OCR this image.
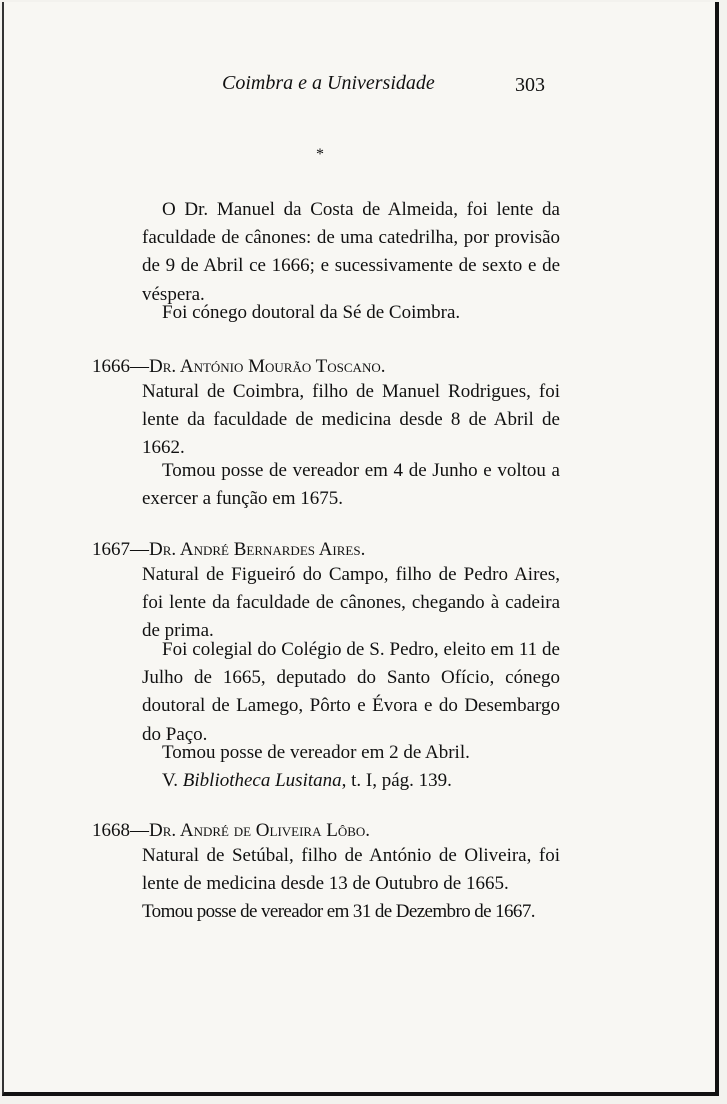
Coimbra e a Universidade	303
*
O Dr. Manuel da Costa de Almeida, foi lente da faculdade de cânones: de uma catedrilha, por provisão de 9 de Abril ce 1666; e sucessivamente de sexto e de véspera.
Foi cónego doutoral da Sé de Coimbra.
1666—Dr. António Mourão Toscano.
Natural de Coimbra, filho de Manuel Rodrigues, foi lente da faculdade de medicina desde 8 de Abril de 1662.
Tomou posse de vereador em 4 de Junho e voltou a exercer a função em 1675.
1667—Dr. André Bernardes Aires.
Natural de Figueiró do Campo, filho de Pedro Aires, foi lente da faculdade de cânones, chegando à cadeira de prima.
Foi colegial do Colégio de S. Pedro, eleito em 11 de Julho de 1665, deputado do Santo Ofício, cónego doutoral de Lamego, Pôrto e Évora e do Desembargo do Paço.
Tomou posse de vereador em 2 de Abril.
V. Bibliotheca Lusitana, t. I, pág. 139.
1668—Dr. André de Oliveira Lôbo.
Natural de Setúbal, filho de António de Oliveira, foi lente de medicina desde 13 de Outubro de 1665.
Tomou posse de vereador em 31 de Dezembro de 1667.
